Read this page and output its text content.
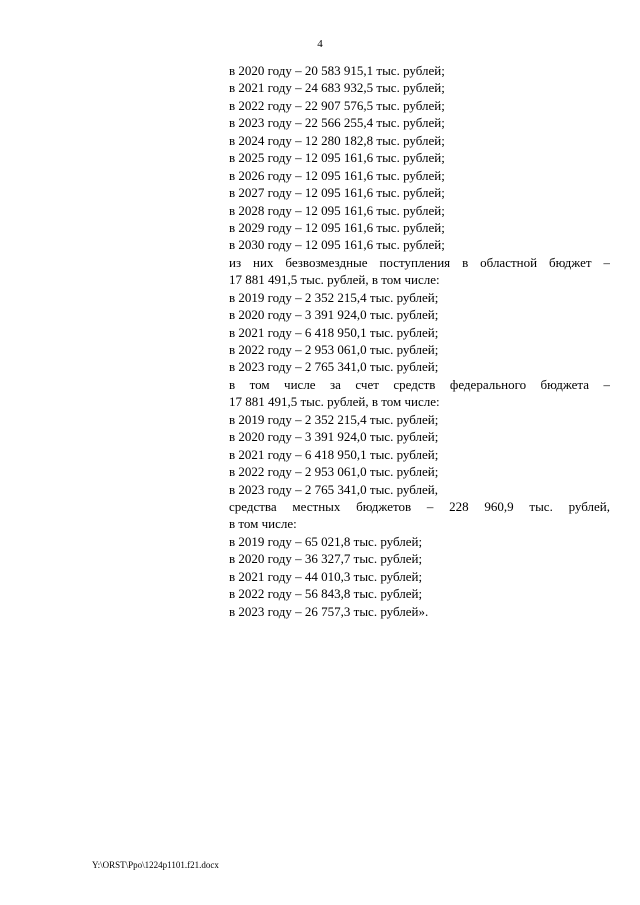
4
в 2020 году – 20 583 915,1 тыс. рублей;
в 2021 году – 24 683 932,5 тыс. рублей;
в 2022 году – 22 907 576,5 тыс. рублей;
в 2023 году – 22 566 255,4 тыс. рублей;
в 2024 году – 12 280 182,8 тыс. рублей;
в 2025 году – 12 095 161,6 тыс. рублей;
в 2026 году – 12 095 161,6 тыс. рублей;
в 2027 году – 12 095 161,6 тыс. рублей;
в 2028 году – 12 095 161,6 тыс. рублей;
в 2029 году – 12 095 161,6 тыс. рублей;
в 2030 году – 12 095 161,6 тыс. рублей;
из них безвозмездные поступления в областной бюджет –
17 881 491,5 тыс. рублей, в том числе:
в 2019 году – 2 352 215,4 тыс. рублей;
в 2020 году – 3 391 924,0 тыс. рублей;
в 2021 году – 6 418 950,1 тыс. рублей;
в 2022 году – 2 953 061,0 тыс. рублей;
в 2023 году – 2 765 341,0 тыс. рублей;
в том числе за счет средств федерального бюджета –
17 881 491,5 тыс. рублей, в том числе:
в 2019 году – 2 352 215,4 тыс. рублей;
в 2020 году – 3 391 924,0 тыс. рублей;
в 2021 году – 6 418 950,1 тыс. рублей;
в 2022 году – 2 953 061,0 тыс. рублей;
в 2023 году – 2 765 341,0 тыс. рублей,
средства местных бюджетов – 228 960,9 тыс. рублей,
в том числе:
в 2019 году – 65 021,8 тыс. рублей;
в 2020 году – 36 327,7 тыс. рублей;
в 2021 году – 44 010,3 тыс. рублей;
в 2022 году – 56 843,8 тыс. рублей;
в 2023 году – 26 757,3 тыс. рублей».
Y:\ORST\Ppo\1224p1101.f21.docx
